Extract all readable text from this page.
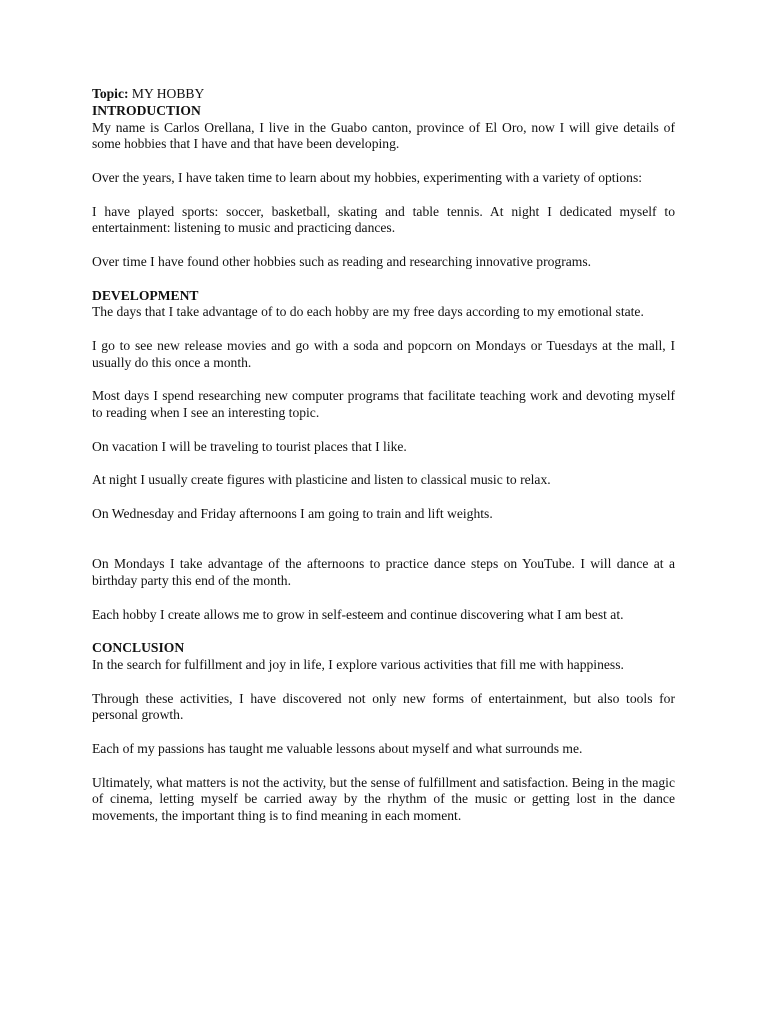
Topic: MY HOBBY

INTRODUCTION

My name is Carlos Orellana, I live in the Guabo canton, province of El Oro, now I will give details of some hobbies that I have and that have been developing.

Over the years, I have taken time to learn about my hobbies, experimenting with a variety of options:

I have played sports: soccer, basketball, skating and table tennis. At night I dedicated myself to entertainment: listening to music and practicing dances.

Over time I have found other hobbies such as reading and researching innovative programs.

DEVELOPMENT

The days that I take advantage of to do each hobby are my free days according to my emotional state.

I go to see new release movies and go with a soda and popcorn on Mondays or Tuesdays at the mall, I usually do this once a month.

Most days I spend researching new computer programs that facilitate teaching work and devoting myself to reading when I see an interesting topic.

On vacation I will be traveling to tourist places that I like.

At night I usually create figures with plasticine and listen to classical music to relax.

On Wednesday and Friday afternoons I am going to train and lift weights.

On Mondays I take advantage of the afternoons to practice dance steps on YouTube. I will dance at a birthday party this end of the month.

Each hobby I create allows me to grow in self-esteem and continue discovering what I am best at.

CONCLUSION

In the search for fulfillment and joy in life, I explore various activities that fill me with happiness.

Through these activities, I have discovered not only new forms of entertainment, but also tools for personal growth.

Each of my passions has taught me valuable lessons about myself and what surrounds me.

Ultimately, what matters is not the activity, but the sense of fulfillment and satisfaction. Being in the magic of cinema, letting myself be carried away by the rhythm of the music or getting lost in the dance movements, the important thing is to find meaning in each moment.
